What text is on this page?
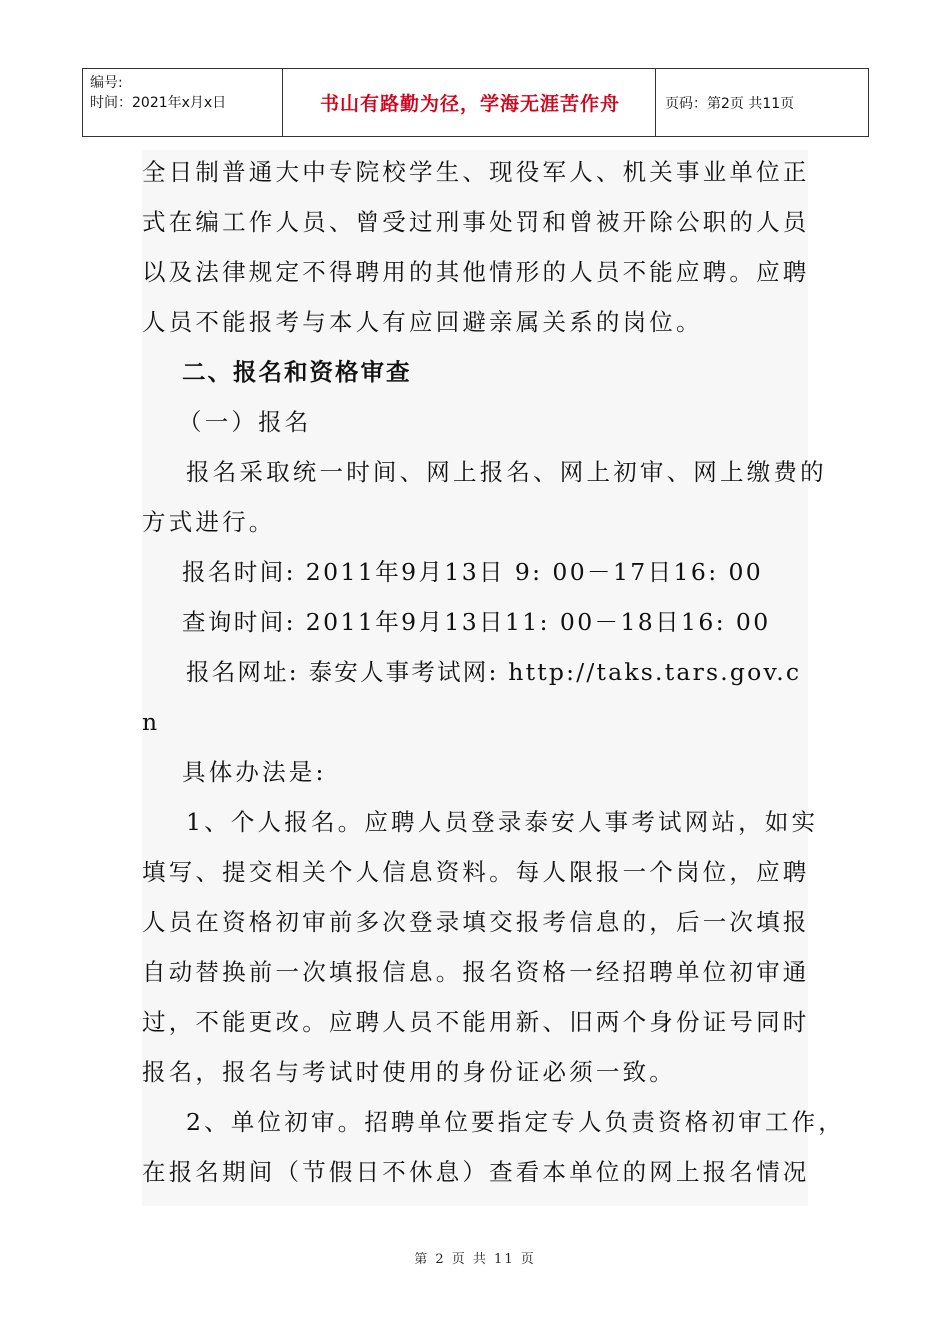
编号:
时间：2021年x月x日	书山有路勤为径，学海无涯苦作舟	页码：第2页 共11页
全日制普通大中专院校学生、现役军人、机关事业单位正
式在编工作人员、曾受过刑事处罚和曾被开除公职的人员
以及法律规定不得聘用的其他情形的人员不能应聘。应聘
人员不能报考与本人有应回避亲属关系的岗位。
二、报名和资格审查
（一）报名
报名采取统一时间、网上报名、网上初审、网上缴费的
方式进行。
报名时间: 2011年9月13日 9: 00－17日16: 00
查询时间: 2011年9月13日11: 00－18日16: 00
报名网址: 泰安人事考试网: http://taks.tars.gov.c
n
具体办法是:
1、个人报名。应聘人员登录泰安人事考试网站，如实
填写、提交相关个人信息资料。每人限报一个岗位，应聘
人员在资格初审前多次登录填交报考信息的，后一次填报
自动替换前一次填报信息。报名资格一经招聘单位初审通
过，不能更改。应聘人员不能用新、旧两个身份证号同时
报名，报名与考试时使用的身份证必须一致。
2、单位初审。招聘单位要指定专人负责资格初审工作，
在报名期间（节假日不休息）查看本单位的网上报名情况
第 2 页 共 11 页
